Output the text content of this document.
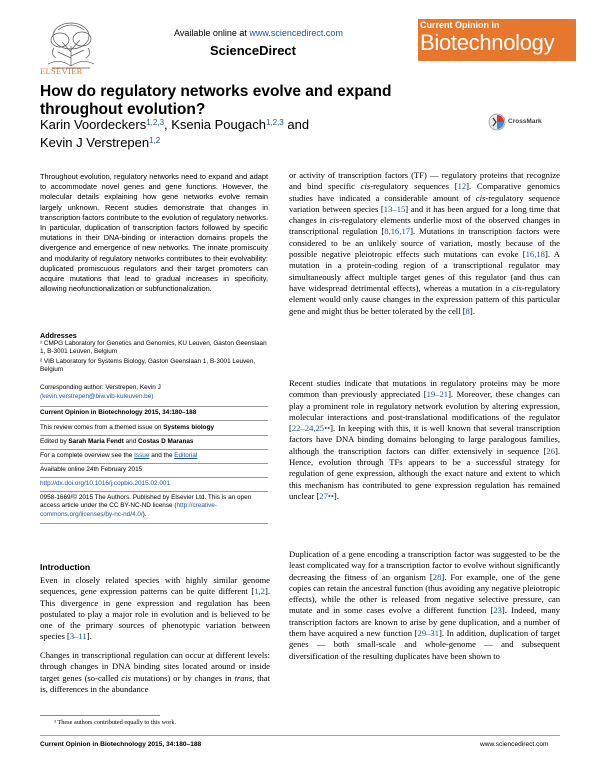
ELSEVIER
Available online at www.sciencedirect.com
ScienceDirect
Current Opinion in
Biotechnology
How do regulatory networks evolve and expand throughout evolution?
Karin Voordeckers$^{1,2,3}$, Ksenia Pougach$^{1,2,3}$ and
Kevin J Verstrepen$^{1,2}$
CrossMark
Throughout evolution, regulatory networks need to expand and adapt to accommodate novel genes and gene functions. However, the molecular details explaining how gene networks evolve remain largely unknown. Recent studies demonstrate that changes in transcription factors contribute to the evolution of regulatory networks. In particular, duplication of transcription factors followed by specific mutations in their DNA-binding or interaction domains propels the divergence and emergence of new networks. The innate promiscuity and modularity of regulatory networks contributes to their evolvability: duplicated promiscuous regulators and their target promoters can acquire mutations that lead to gradual increases in specificity, allowing neofunctionalization or subfunctionalization.
Addresses
¹ CMPG Laboratory for Genetics and Genomics, KU Leuven, Gaston Geenslaan 1, B-3001 Leuven, Belgium
² VIB Laboratory for Systems Biology, Gaston Geenslaan 1, B-3001 Leuven, Belgium
Corresponding author: Verstrepen, Kevin J
(kevin.verstrepen@biw.vib-kuleuven.be)
Current Opinion in Biotechnology 2015, 34:180–188
This review comes from a themed issue on Systems biology
Edited by Sarah Maria Fendt and Costas D Maranas
For a complete overview see the Issue and the Editorial
Available online 24th February 2015
http://dx.doi.org/10.1016/j.copbio.2015.02.001
0958-1669/© 2015 The Authors. Published by Elsevier Ltd. This is an open access article under the CC BY-NC-ND license (http://creative-commons.org/licenses/by-nc-nd/4.0/).
Introduction
Even in closely related species with highly similar genome sequences, gene expression patterns can be quite different [1,2]. This divergence in gene expression and regulation has been postulated to play a major role in evolution and is believed to be one of the primary sources of phenotypic variation between species [3–11].
Changes in transcriptional regulation can occur at different levels: through changes in DNA binding sites located around or inside target genes (so-called cis mutations) or by changes in trans, that is, differences in the abundance
or activity of transcription factors (TF) — regulatory proteins that recognize and bind specific cis-regulatory sequences [12]. Comparative genomics studies have indicated a considerable amount of cis-regulatory sequence variation between species [13–15] and it has been argued for a long time that changes in cis-regulatory elements underlie most of the observed changes in transcriptional regulation [8,16,17]. Mutations in transcription factors were considered to be an unlikely source of variation, mostly because of the possible negative pleiotropic effects such mutations can evoke [16,18]. A mutation in a protein-coding region of a transcriptional regulator may simultaneously affect multiple target genes of this regulator (and thus can have widespread detrimental effects), whereas a mutation in a cis-regulatory element would only cause changes in the expression pattern of this particular gene and might thus be better tolerated by the cell [8].
Recent studies indicate that mutations in regulatory proteins may be more common than previously appreciated [19–21]. Moreover, these changes can play a prominent role in regulatory network evolution by altering expression, molecular interactions and post-translational modifications of the regulator [22–24,25••]. In keeping with this, it is well known that several transcription factors have DNA binding domains belonging to large paralogous families, although the transcription factors can differ extensively in sequence [26]. Hence, evolution through TFs appears to be a successful strategy for regulation of gene expression, although the exact nature and extent to which this mechanism has contributed to gene expression regulation has remained unclear [27••].
Duplication of a gene encoding a transcription factor was suggested to be the least complicated way for a transcription factor to evolve without significantly decreasing the fitness of an organism [28]. For example, one of the gene copies can retain the ancestral function (thus avoiding any negative pleiotropic effects), while the other is released from negative selective pressure, can mutate and in some cases evolve a different function [23]. Indeed, many transcription factors are known to arise by gene duplication, and a number of them have acquired a new function [29–31]. In addition, duplication of target genes — both small-scale and whole-genome — and subsequent diversification of the resulting duplicates have been shown to
³ These authors contributed equally to this work.
Current Opinion in Biotechnology 2015, 34:180–188	www.sciencedirect.com
